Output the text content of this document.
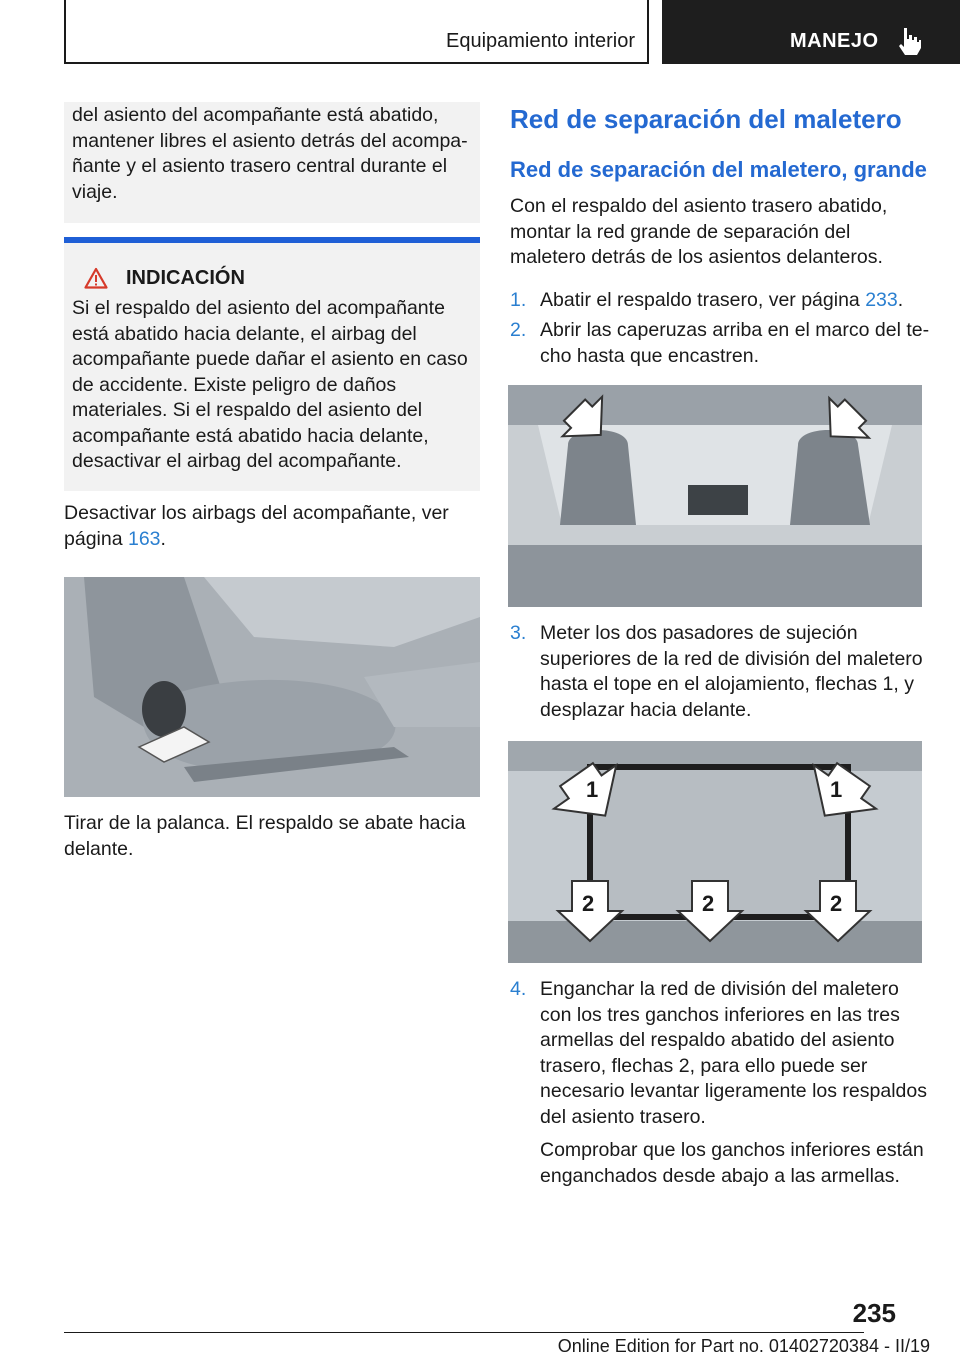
Equipamiento interior	MANEJO

del asiento del acompañante está abatido, mantener libres el asiento detrás del acompañante y el asiento trasero central durante el viaje.

INDICACIÓN

Si el respaldo del asiento del acompañante está abatido hacia delante, el airbag del acompañante puede dañar el asiento en caso de accidente. Existe peligro de daños materiales. Si el respaldo del asiento del acompañante está abatido hacia delante, desactivar el airbag del acompañante.

Desactivar los airbags del acompañante, ver página 163.

Tirar de la palanca. El respaldo se abate hacia delante.

Red de separación del maletero
Red de separación del maletero, grande

Con el respaldo del asiento trasero abatido, montar la red grande de separación del maletero detrás de los asientos delanteros.

1. Abatir el respaldo trasero, ver página 233.
2. Abrir las caperuzas arriba en el marco del techo hasta que encastren.
3. Meter los dos pasadores de sujeción superiores de la red de división del maletero hasta el tope en el alojamiento, flechas 1, y desplazar hacia delante.
1	1
2	2	2
4. Enganchar la red de división del maletero con los tres ganchos inferiores en las tres armellas del respaldo abatido del asiento trasero, flechas 2, para ello puede ser necesario levantar ligeramente los respaldos del asiento trasero.

Comprobar que los ganchos inferiores están enganchados desde abajo a las armellas.

235
Online Edition for Part no. 01402720384 - II/19
